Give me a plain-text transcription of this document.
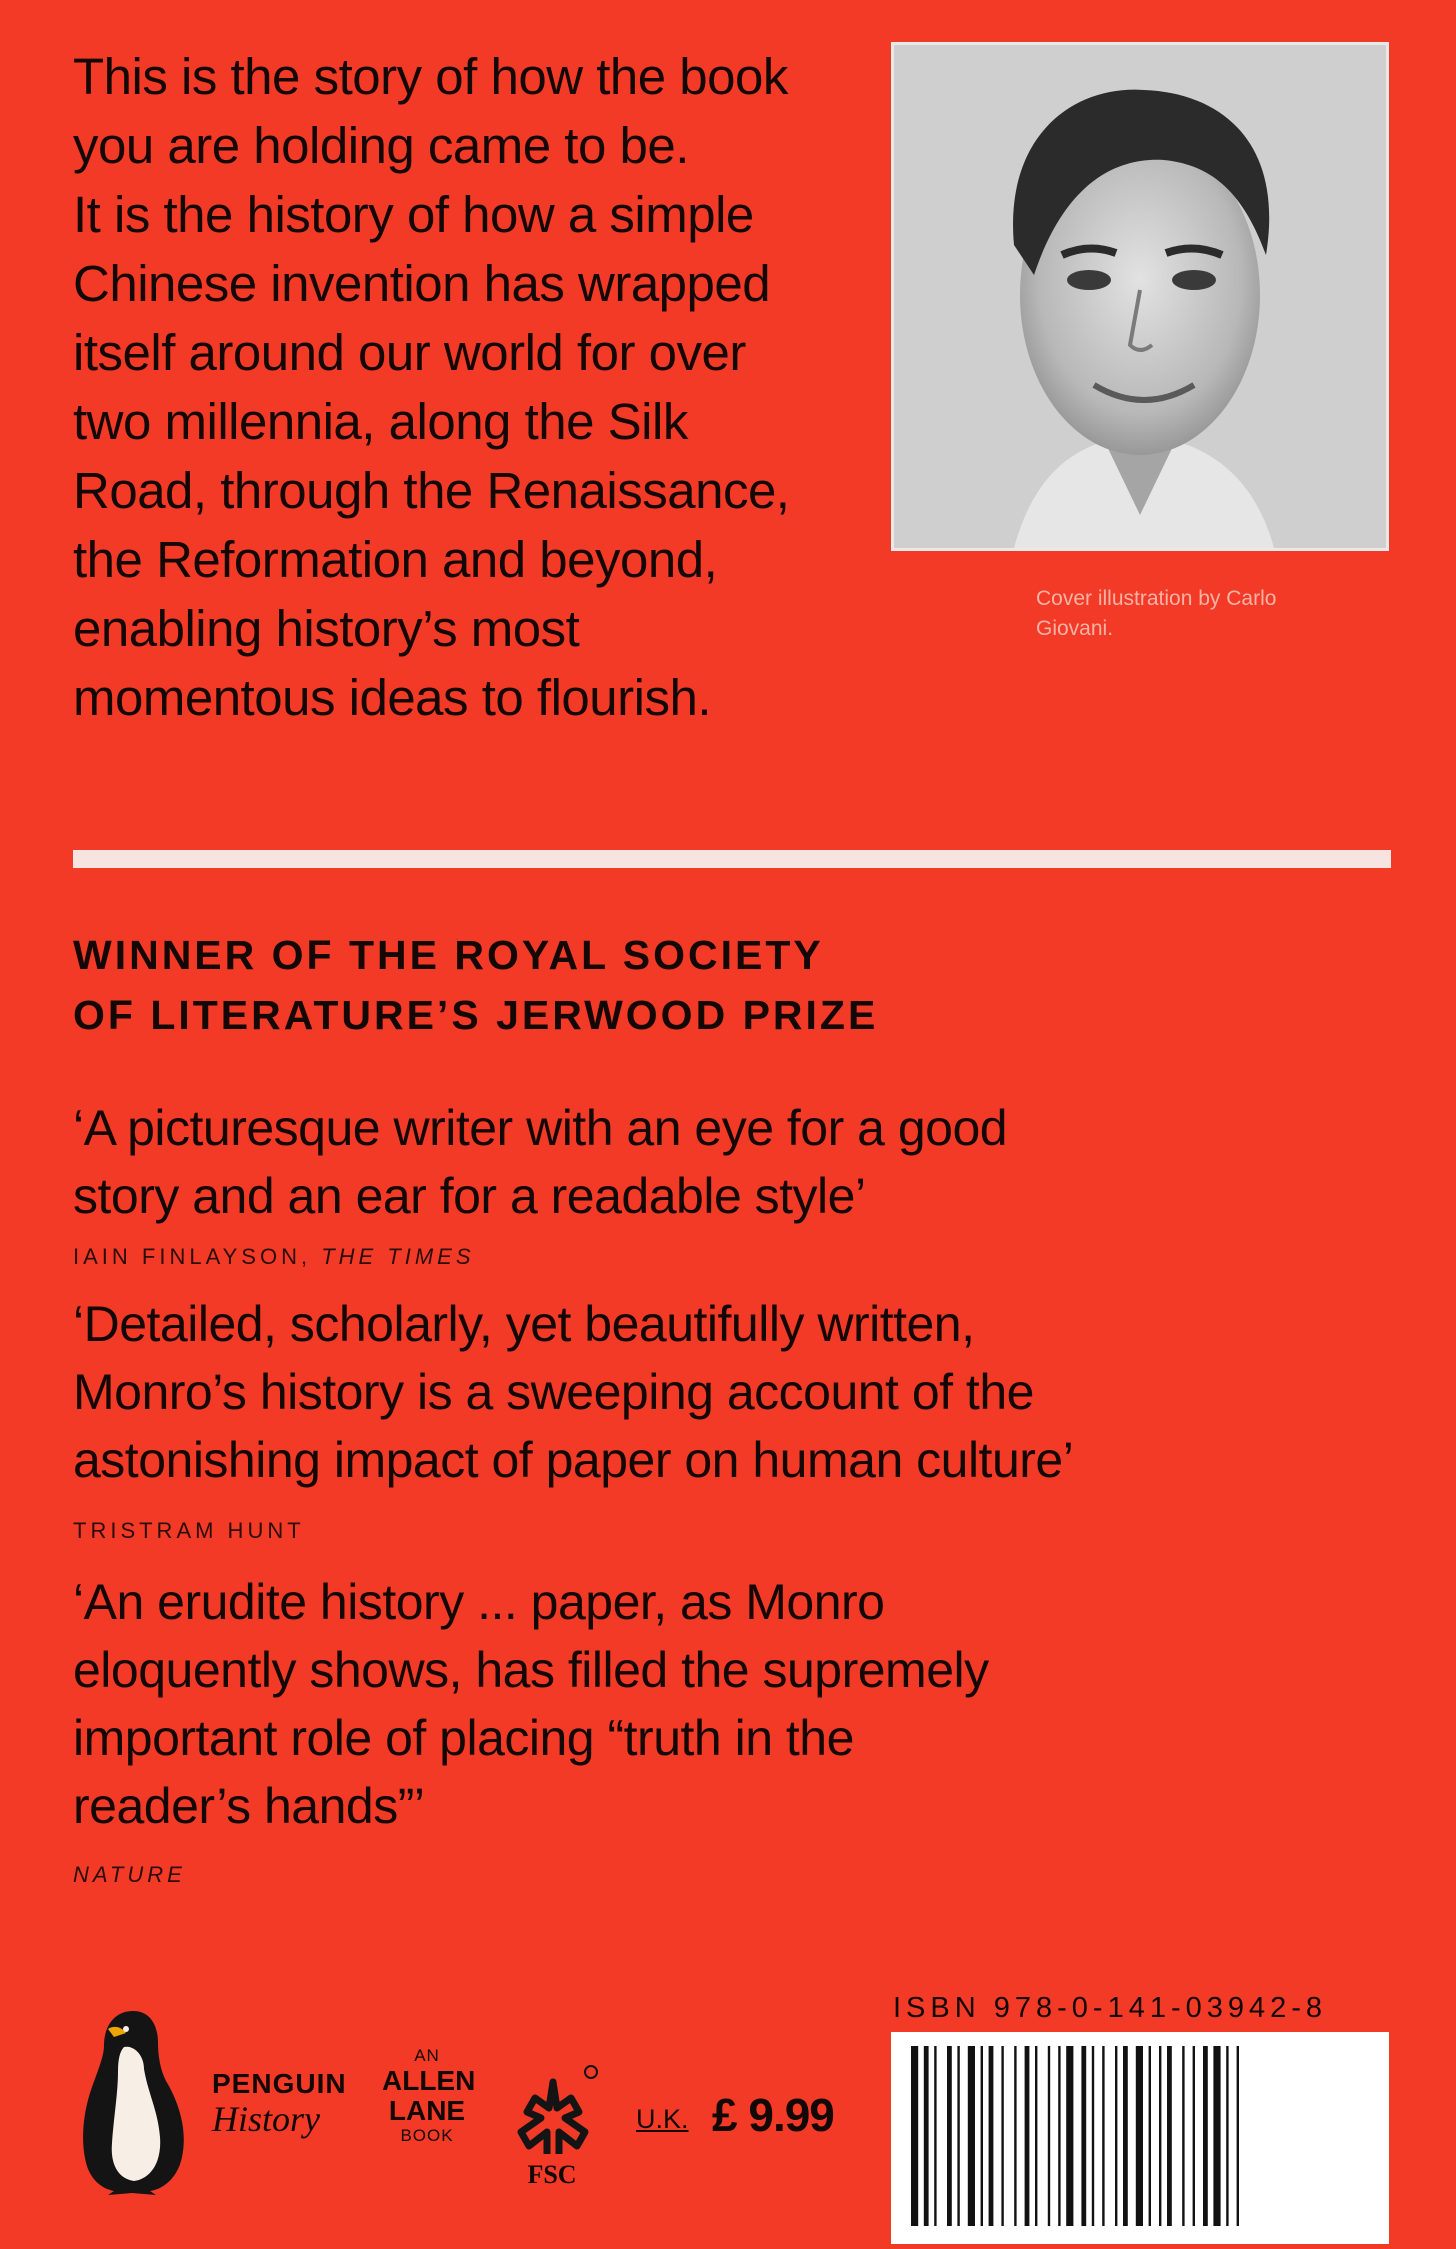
This is the story of how the book
you are holding came to be.
It is the history of how a simple
Chinese invention has wrapped
itself around our world for over
two millennia, along the Silk
Road, through the Renaissance,
the Reformation and beyond,
enabling history’s most
momentous ideas to flourish.

Cover illustration by Carlo
Giovani.
WINNER OF THE ROYAL SOCIETY
OF LITERATURE’S JERWOOD PRIZE
‘A picturesque writer with an eye for a good
story and an ear for a readable style’
IAIN FINLAYSON, THE TIMES
‘Detailed, scholarly, yet beautifully written,
Monro’s history is a sweeping account of the
astonishing impact of paper on human culture’
TRISTRAM HUNT
‘An erudite history ... paper, as Monro
eloquently shows, has filled the supremely
important role of placing “truth in the
reader’s hands”’
NATURE
PENGUIN
History
AN
ALLEN
LANE
BOOK
FSC
U.K. £ 9.99
ISBN 978-0-141-03942-8
